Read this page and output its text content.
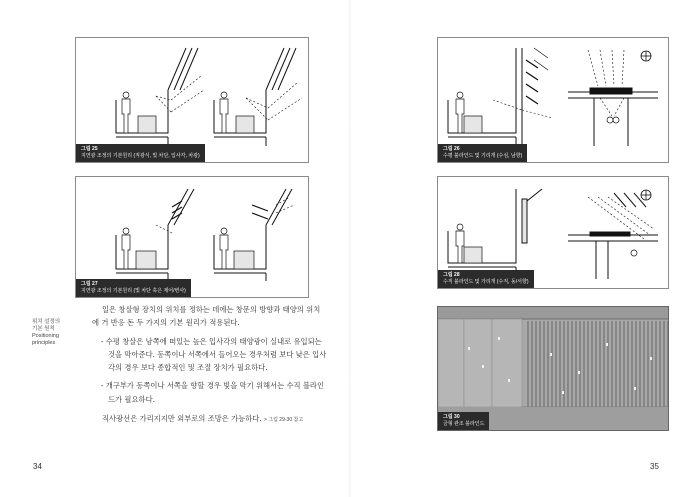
그림 25
지연광 조정의 기본원리 (직광식, 빛 차단, 입사각, 차광)
그림 27
지연광 조정의 기본원리 (빛 차단 혹은 제어/변사)
위치 설정의
기본 원칙
Positioning
principles

일은 창살형 장치의 위치를 정하는 데에는 창문의 방향과 태양의 위치에 거 반응 돈 두 가지의 기본 원리가 적용된다.

- 수평 창살은 남쪽에 떠있는 높은 입사각의 태양광이 실내로 유입되는 것을 막아준다. 동쪽이나 서쪽에서 들어오는 경우처럼 보다 낮은 입사각의 경우 보다 종합적인 및 조절 장치가 필요하다.

- 개구부가 동쪽이나 서쪽을 향할 경우 빛을 막기 위해서는 수직 블라인드가 필요하다.

직사광선은 가리지지만 외부로의 조망은 가능하다. > 그림 29-30 참고

34
그림 26
수평 블라인드 및 기리개 (수심, 남향)
그림 28
수직 블라인드 및 가리개 (수직, 동/서향)
그림 30
금형 관조 블라인드
35
